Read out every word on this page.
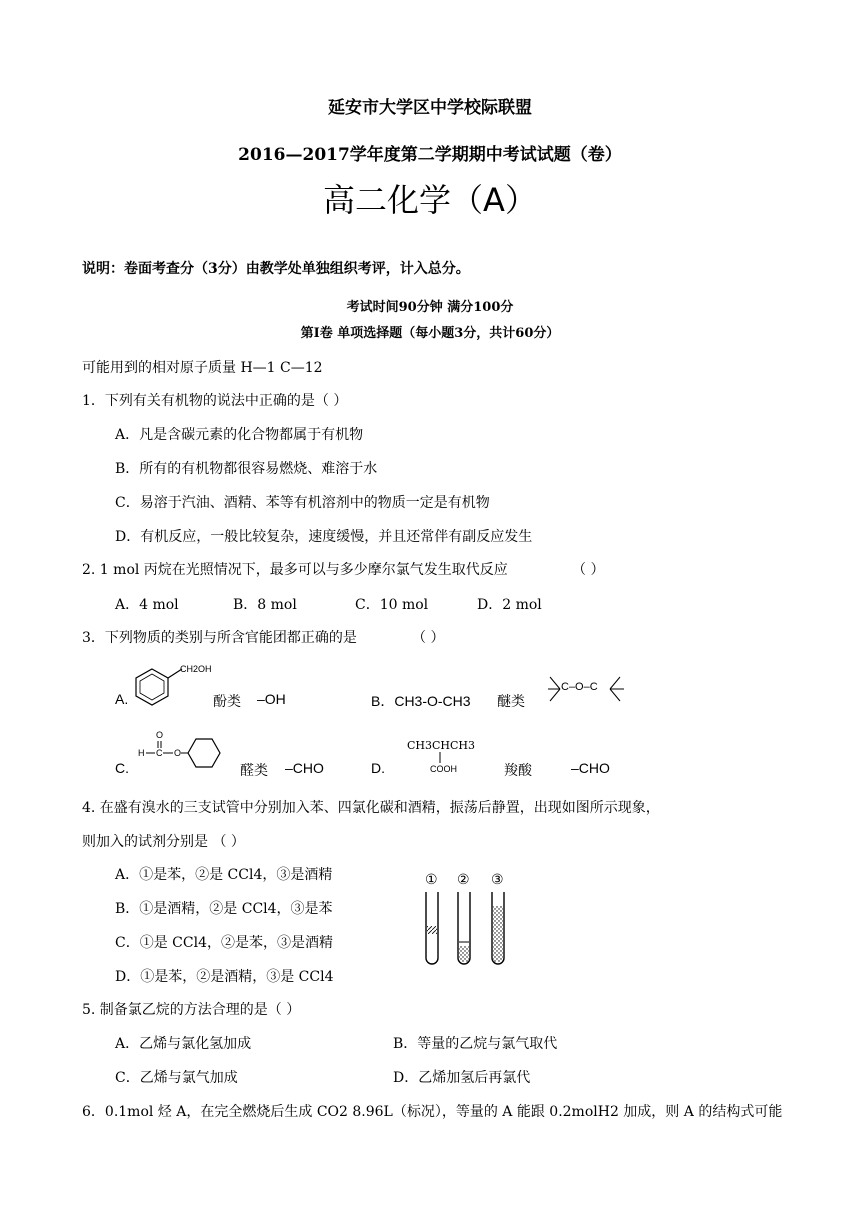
延安市大学区中学校际联盟
2016—2017学年度第二学期期中考试试题（卷）
高二化学（A）
说明：卷面考查分（3分）由教学处单独组织考评，计入总分。
考试时间90分钟 满分100分
第Ⅰ卷 单项选择题（每小题3分，共计60分）
可能用到的相对原子质量 H—1 C—12
1．下列有关有机物的说法中正确的是（ ）
A．凡是含碳元素的化合物都属于有机物
B．所有的有机物都很容易燃烧、难溶于水
C．易溶于汽油、酒精、苯等有机溶剂中的物质一定是有机物
D．有机反应，一般比较复杂，速度缓慢，并且还常伴有副反应发生
2. 1 mol 丙烷在光照情况下，最多可以与多少摩尔氯气发生取代反应	（ ）
A．4 mol	B．8 mol	C．10 mol	D．2 mol
3．下列物质的类别与所含官能团都正确的是	（ ）
A.
CH2OH
酚类 –OH	B．CH3-O-CH3 醚类
C–O–C
C.
H C
O
O
醛类 –CHO	D.
CH3CHCH3
COOH	羧酸	–CHO
4. 在盛有溴水的三支试管中分别加入苯、四氯化碳和酒精，振荡后静置，出现如图所示现象，
则加入的试剂分别是 （ ）
A．①是苯，②是 CCl4，③是酒精
B．①是酒精，②是 CCl4，③是苯
C．①是 CCl4，②是苯，③是酒精
D．①是苯，②是酒精，③是 CCl4
① ② ③
5. 制备氯乙烷的方法合理的是（ ）
A．乙烯与氯化氢加成	B．等量的乙烷与氯气取代
C．乙烯与氯气加成	D．乙烯加氢后再氯代
6．0.1mol 烃 A，在完全燃烧后生成 CO2 8.96L（标况），等量的 A 能跟 0.2molH2 加成，则 A 的结构式可能
